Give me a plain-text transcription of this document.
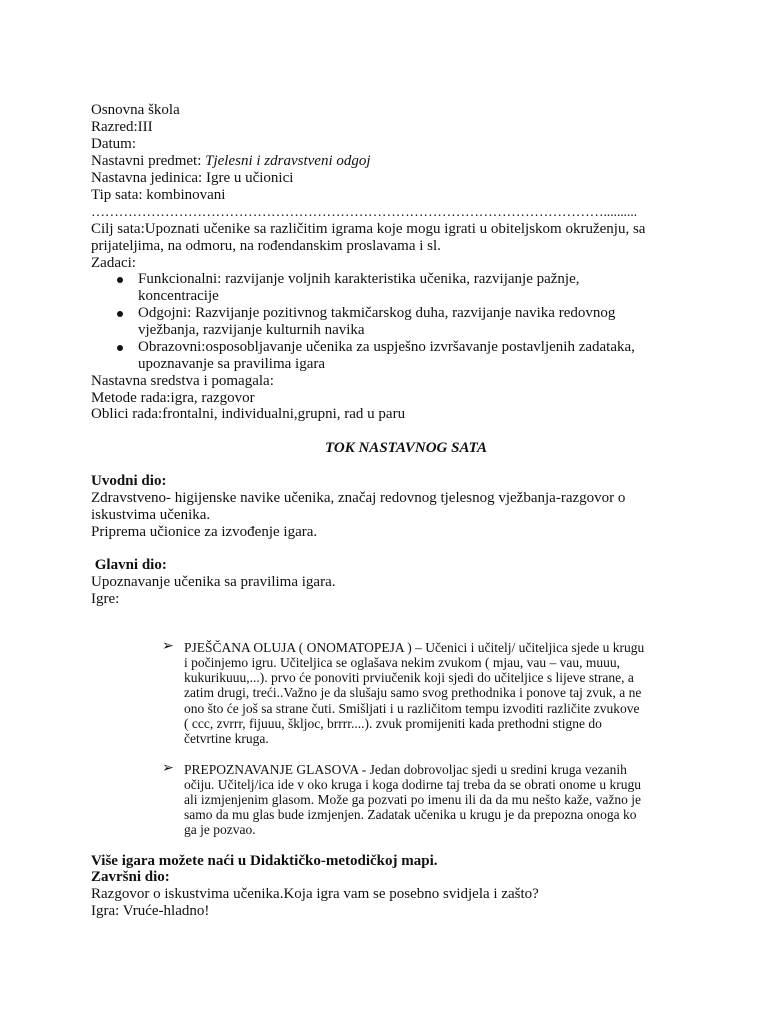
Osnovna škola
Razred:III
Datum:
Nastavni predmet: Tjelesni i zdravstveni odgoj
Nastavna jedinica: Igre u učionici
Tip sata: kombinovani
…………………………………………………………………………………………………..........
Cilj sata:Upoznati učenike sa različitim igrama koje mogu igrati u obiteljskom okruženju, sa
prijateljima, na odmoru, na rođendanskim proslavama i sl.
Zadaci:
Funkcionalni: razvijanje voljnih karakteristika učenika, razvijanje pažnje,
koncentracije
Odgojni: Razvijanje pozitivnog takmičarskog duha, razvijanje navika redovnog
vježbanja, razvijanje kulturnih navika
Obrazovni:osposobljavanje učenika za uspješno izvršavanje postavljenih zadataka,
upoznavanje sa pravilima igara
Nastavna sredstva i pomagala:
Metode rada:igra, razgovor
Oblici rada:frontalni, individualni,grupni, rad u paru
TOK NASTAVNOG SATA
Uvodni dio:
Zdravstveno- higijenske navike učenika, značaj redovnog tjelesnog vježbanja-razgovor o
iskustvima učenika.
Priprema učionice za izvođenje igara.
Glavni dio:
Upoznavanje učenika sa pravilima igara.
Igre:
➢ PJEŠČANA OLUJA ( ONOMATOPEJA ) – Učenici i učitelj/ učiteljica sjede u krugu
i počinjemo igru. Učiteljica se oglašava nekim zvukom ( mjau, vau – vau, muuu,
kukurikuuu,...). prvo će ponoviti prviučenik koji sjedi do učiteljice s lijeve strane, a
zatim drugi, treći..Važno je da slušaju samo svog prethodnika i ponove taj zvuk, a ne
ono što će još sa strane čuti. Smišljati i u različitom tempu izvoditi različite zvukove
( ccc, zvrrr, fijuuu, škljoc, brrrr....). zvuk promijeniti kada prethodni stigne do
četvrtine kruga.
➢ PREPOZNAVANJE GLASOVA - Jedan dobrovoljac sjedi u sredini kruga vezanih
očiju. Učitelj/ica ide v oko kruga i koga dodirne taj treba da se obrati onome u krugu
ali izmjenjenim glasom. Može ga pozvati po imenu ili da da mu nešto kaže, važno je
samo da mu glas bude izmjenjen. Zadatak učenika u krugu je da prepozna onoga ko
ga je pozvao.
Više igara možete naći u Didaktičko-metodičkoj mapi.
Završni dio:
Razgovor o iskustvima učenika.Koja igra vam se posebno svidjela i zašto?
Igra: Vruće-hladno!
